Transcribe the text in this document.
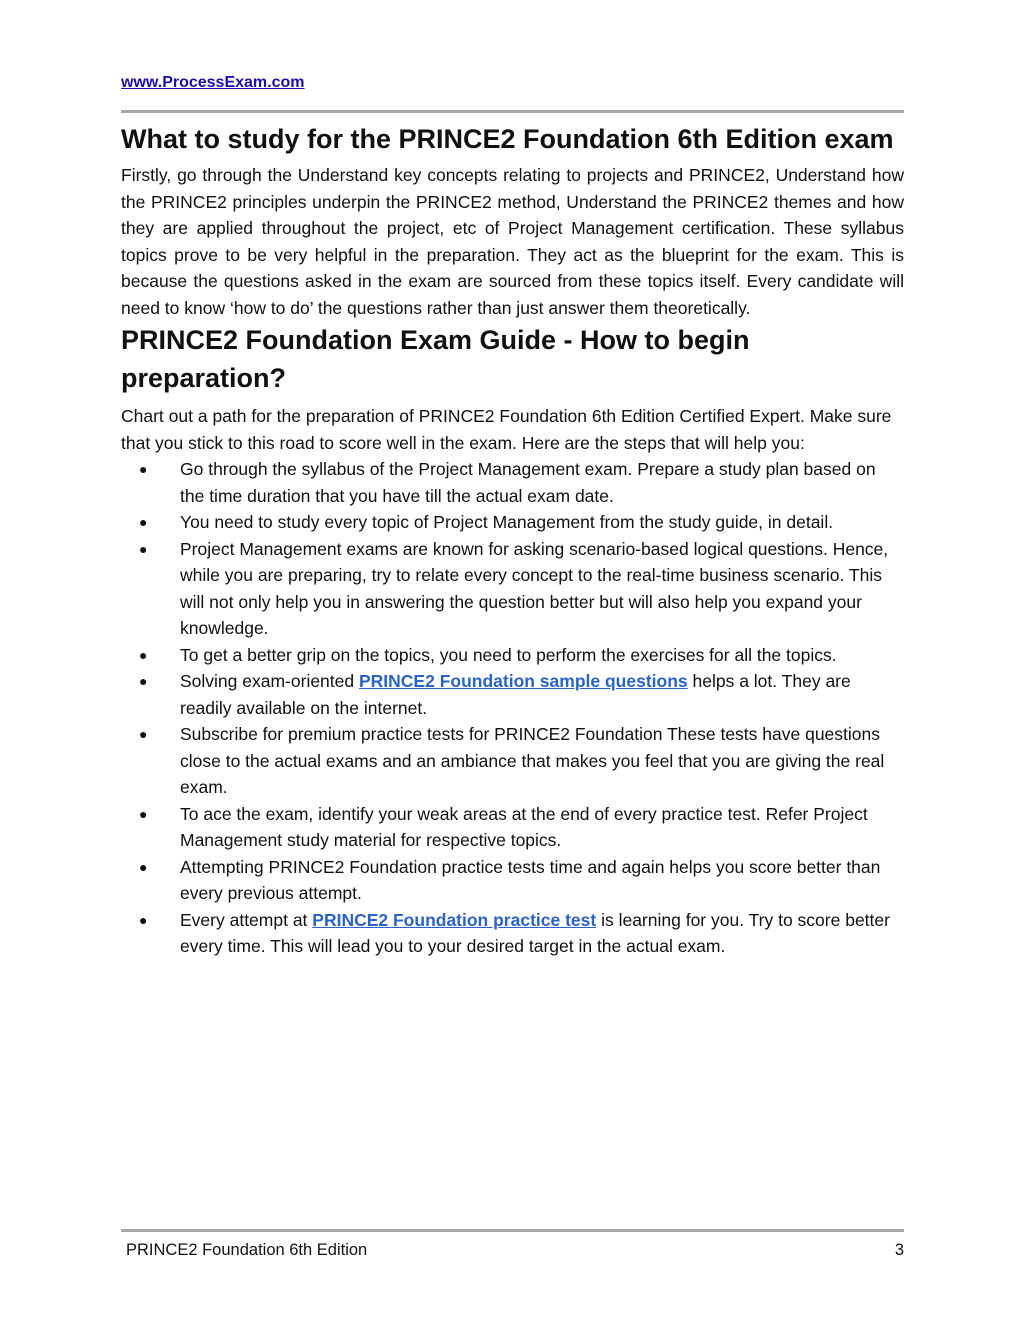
www.ProcessExam.com
What to study for the PRINCE2 Foundation 6th Edition exam

Firstly, go through the Understand key concepts relating to projects and PRINCE2, Understand how the PRINCE2 principles underpin the PRINCE2 method, Understand the PRINCE2 themes and how they are applied throughout the project, etc of Project Management certification. These syllabus topics prove to be very helpful in the preparation. They act as the blueprint for the exam. This is because the questions asked in the exam are sourced from these topics itself. Every candidate will need to know ‘how to do’ the questions rather than just answer them theoretically.

PRINCE2 Foundation Exam Guide - How to begin preparation?

Chart out a path for the preparation of PRINCE2 Foundation 6th Edition Certified Expert. Make sure that you stick to this road to score well in the exam. Here are the steps that will help you:

● Go through the syllabus of the Project Management exam. Prepare a study plan based on the time duration that you have till the actual exam date.
● You need to study every topic of Project Management from the study guide, in detail.
● Project Management exams are known for asking scenario-based logical questions. Hence, while you are preparing, try to relate every concept to the real-time business scenario. This will not only help you in answering the question better but will also help you expand your knowledge.
● To get a better grip on the topics, you need to perform the exercises for all the topics.
● Solving exam-oriented PRINCE2 Foundation sample questions helps a lot. They are readily available on the internet.
● Subscribe for premium practice tests for PRINCE2 Foundation These tests have questions close to the actual exams and an ambiance that makes you feel that you are giving the real exam.
● To ace the exam, identify your weak areas at the end of every practice test. Refer Project Management study material for respective topics.
● Attempting PRINCE2 Foundation practice tests time and again helps you score better than every previous attempt.
● Every attempt at PRINCE2 Foundation practice test is learning for you. Try to score better every time. This will lead you to your desired target in the actual exam.
PRINCE2 Foundation 6th Edition	3
